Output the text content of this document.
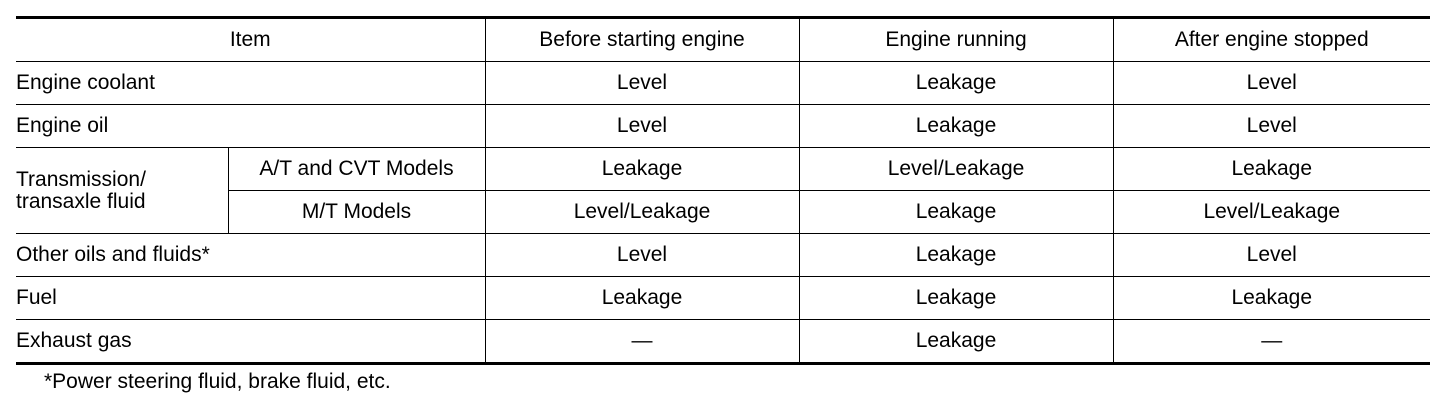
Item		Before starting engine	Engine running	After engine stopped
Engine coolant		Level	Leakage	Level
Engine oil		Level	Leakage	Level
Transmission/
transaxle fluid	A/T and CVT Models	Leakage	Level/Leakage	Leakage
	M/T Models	Level/Leakage	Leakage	Level/Leakage
Other oils and fluids*		Level	Leakage	Level
Fuel		Leakage	Leakage	Leakage
Exhaust gas		—	Leakage	—
*Power steering fluid, brake fluid, etc.
